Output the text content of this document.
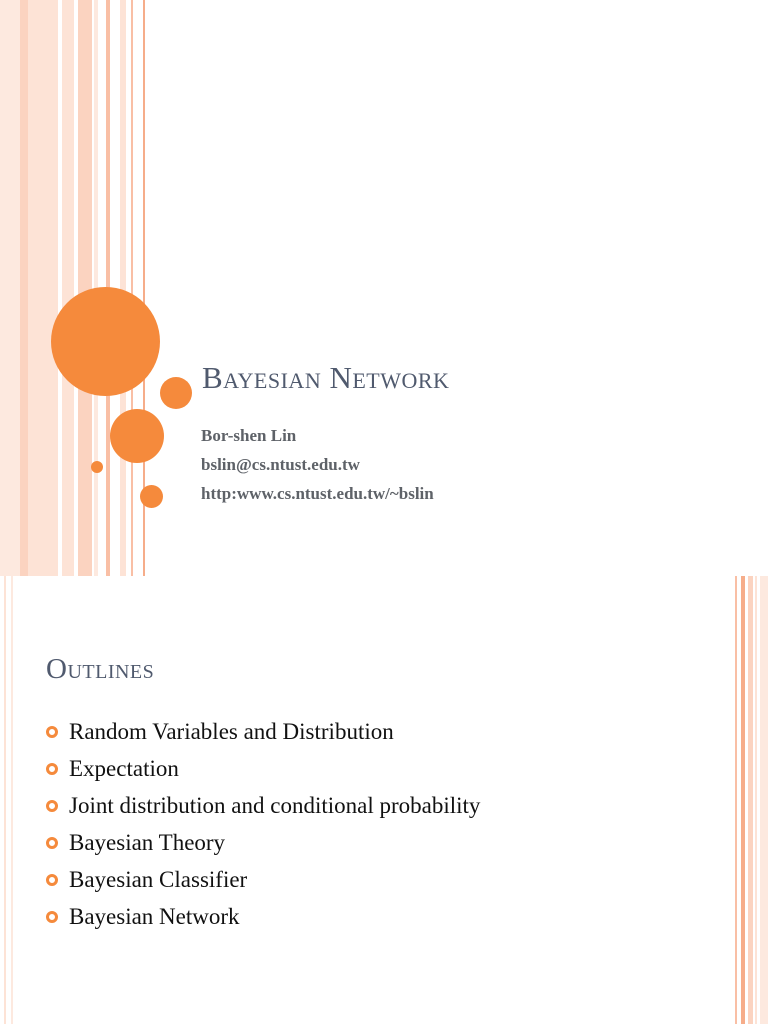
Bayesian Network
Bor-shen Lin
bslin@cs.ntust.edu.tw
http:www.cs.ntust.edu.tw/~bslin
Outlines
Random Variables and Distribution
Expectation
Joint distribution and conditional probability
Bayesian Theory
Bayesian Classifier
Bayesian Network
